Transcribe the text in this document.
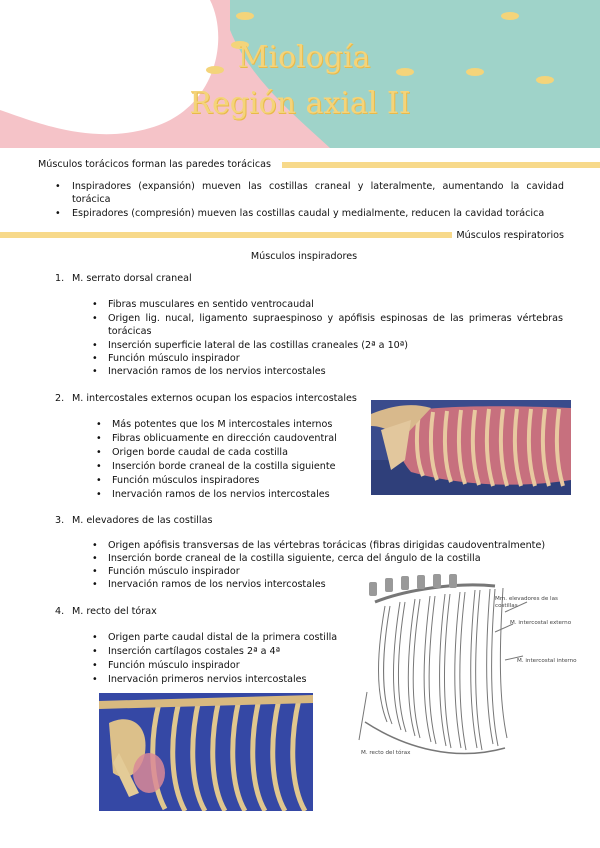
Miología
Región axial II
Músculos torácicos forman las paredes torácicas
• Inspiradores (expansión) mueven las costillas craneal y lateralmente, aumentando la cavidad torácica
• Espiradores (compresión) mueven las costillas caudal y medialmente, reducen la cavidad torácica
Músculos respiratorios
Músculos inspiradores
1. M. serrato dorsal craneal
• Fibras musculares en sentido ventrocaudal
• Origen lig. nucal, ligamento supraespinoso y apófisis espinosas de las primeras vértebras torácicas
• Inserción superficie lateral de las costillas craneales (2ª a 10ª)
• Función músculo inspirador
• Inervación ramos de los nervios intercostales
2. M. intercostales externos ocupan los espacios intercostales
• Más potentes que los M intercostales internos
• Fibras oblicuamente en dirección caudoventral
• Origen borde caudal de cada costilla
• Inserción borde craneal de la costilla siguiente
• Función músculos inspiradores
• Inervación ramos de los nervios intercostales
3. M. elevadores de las costillas
• Origen apófisis transversas de las vértebras torácicas (fibras dirigidas caudoventralmente)
• Inserción borde craneal de la costilla siguiente, cerca del ángulo de la costilla
• Función músculo inspirador
• Inervación ramos de los nervios intercostales
4. M. recto del tórax
• Origen parte caudal distal de la primera costilla
• Inserción cartílagos costales 2ª a 4ª
• Función músculo inspirador
• Inervación primeros nervios intercostales
Mm. elevadores de las costillas
M. intercostal externo
M. intercostal interno
M. recto del tórax
